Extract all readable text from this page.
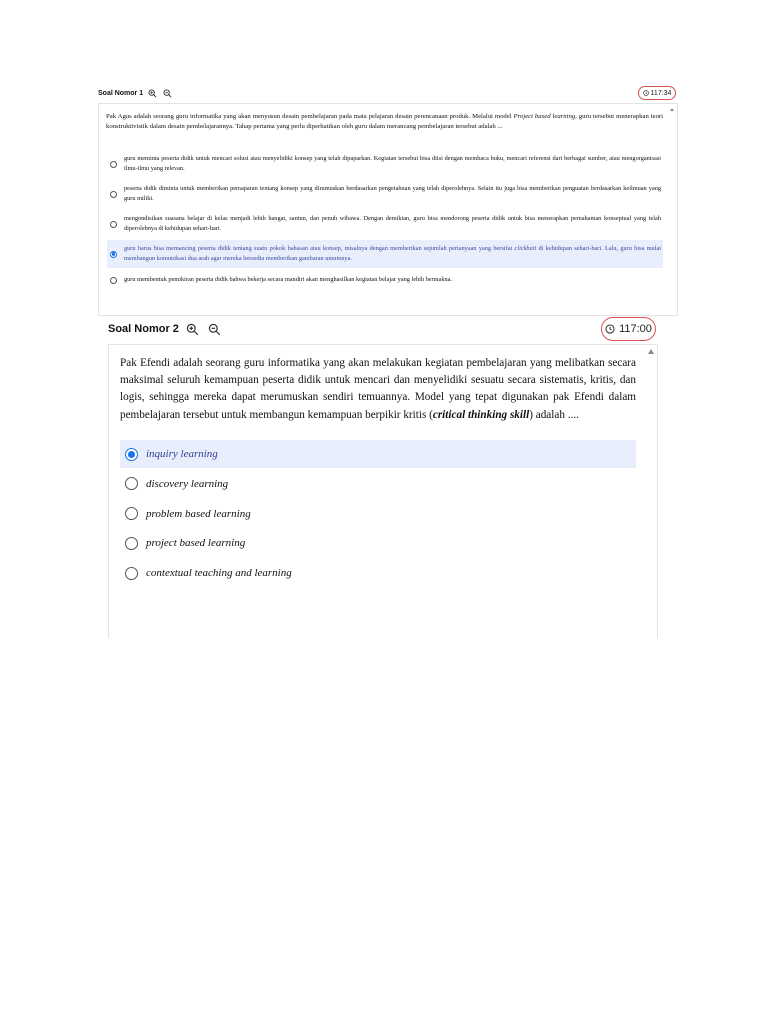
Soal Nomor 1	117:34

Pak Agus adalah seorang guru informatika yang akan menyusun desain pembelajaran pada mata pelajaran desain perencanaan produk. Melalui model Project based learning, guru tersebut menerapkan teori konstruktivistik dalam desain pembelajarannya. Tahap pertama yang perlu diperhatikan oleh guru dalam merancang pembelajaran tersebut adalah ...

guru meminta peserta didik untuk mencari solusi atau menyelidiki konsep yang telah dipaparkan. Kegiatan tersebut bisa diisi dengan membaca buku, mencari referensi dari berbagai sumber, atau mengorganisasi ilmu-ilmu yang relevan.
peserta didik diminta untuk memberikan pemaparan tentang konsep yang dirumuskan berdasarkan pengetahuan yang telah diperolehnya. Selain itu juga bisa memberikan penguatan berdasarkan keilmuan yang guru miliki.
mengondisikan suasana belajar di kelas menjadi lebih hangat, santun, dan penuh wibawa. Dengan demikian, guru bisa mendorong peserta didik untuk bisa menerapkan pemahaman konseptual yang telah diperolehnya di kehidupan sehari-hari.
guru harus bisa memancing peserta didik tentang suatu pokok bahasan atau konsep, misalnya dengan memberikan sejumlah pertanyaan yang bersifat clickbait di kehidupan sehari-hari. Lalu, guru bisa mulai membangun komunikasi dua arah agar mereka bersedia memberikan gambaran umumnya.
guru membentuk pemikiran peserta didik bahwa bekerja secara mandiri akan menghasilkan kegiatan belajar yang lebih bermakna.
Soal Nomor 2	117:00

Pak Efendi adalah seorang guru informatika yang akan melakukan kegiatan pembelajaran yang melibatkan secara maksimal seluruh kemampuan peserta didik untuk mencari dan menyelidiki sesuatu secara sistematis, kritis, dan logis, sehingga mereka dapat merumuskan sendiri temuannya. Model yang tepat digunakan pak Efendi dalam pembelajaran tersebut untuk membangun kemampuan berpikir kritis (critical thinking skill) adalah ....

inquiry learning
discovery learning
problem based learning
project based learning
contextual teaching and learning
